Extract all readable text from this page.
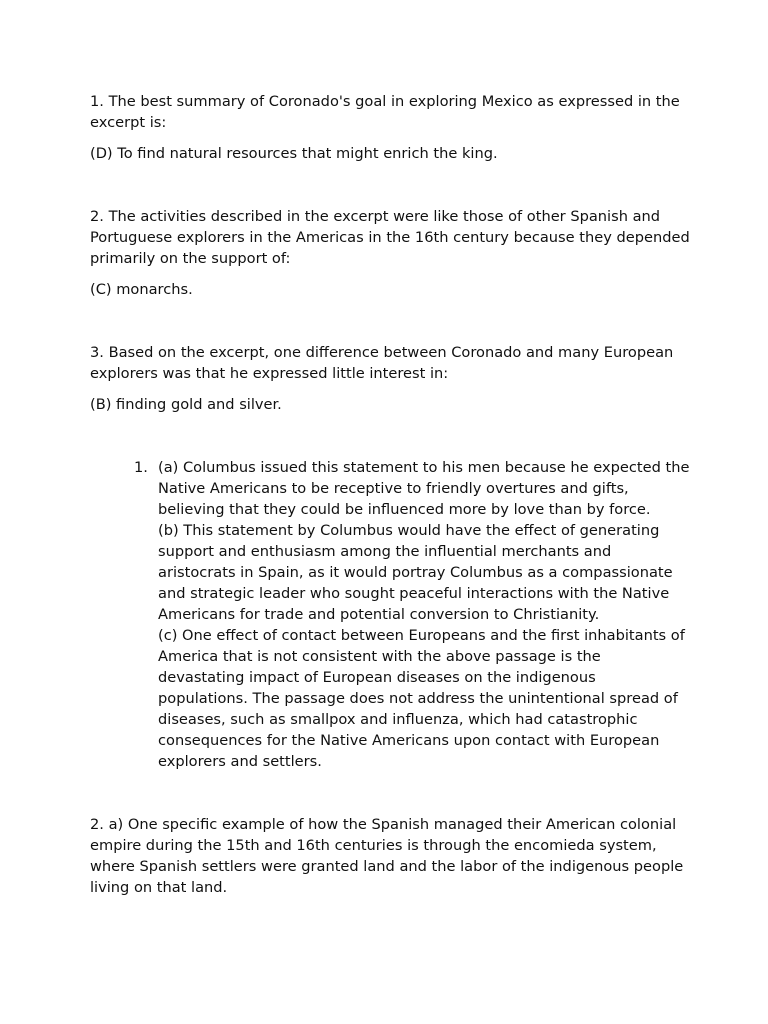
1. The best summary of Coronado's goal in exploring Mexico as expressed in the excerpt is:

(D) To find natural resources that might enrich the king.

2. The activities described in the excerpt were like those of other Spanish and Portuguese explorers in the Americas in the 16th century because they depended primarily on the support of:

(C) monarchs.

3. Based on the excerpt, one difference between Coronado and many European explorers was that he expressed little interest in:

(B) finding gold and silver.

1. (a) Columbus issued this statement to his men because he expected the Native Americans to be receptive to friendly overtures and gifts, believing that they could be influenced more by love than by force.
(b) This statement by Columbus would have the effect of generating support and enthusiasm among the influential merchants and aristocrats in Spain, as it would portray Columbus as a compassionate and strategic leader who sought peaceful interactions with the Native Americans for trade and potential conversion to Christianity.
(c) One effect of contact between Europeans and the first inhabitants of America that is not consistent with the above passage is the devastating impact of European diseases on the indigenous populations. The passage does not address the unintentional spread of diseases, such as smallpox and influenza, which had catastrophic consequences for the Native Americans upon contact with European explorers and settlers.

2. a) One specific example of how the Spanish managed their American colonial empire during the 15th and 16th centuries is through the encomieda system, where Spanish settlers were granted land and the labor of the indigenous people living on that land.
